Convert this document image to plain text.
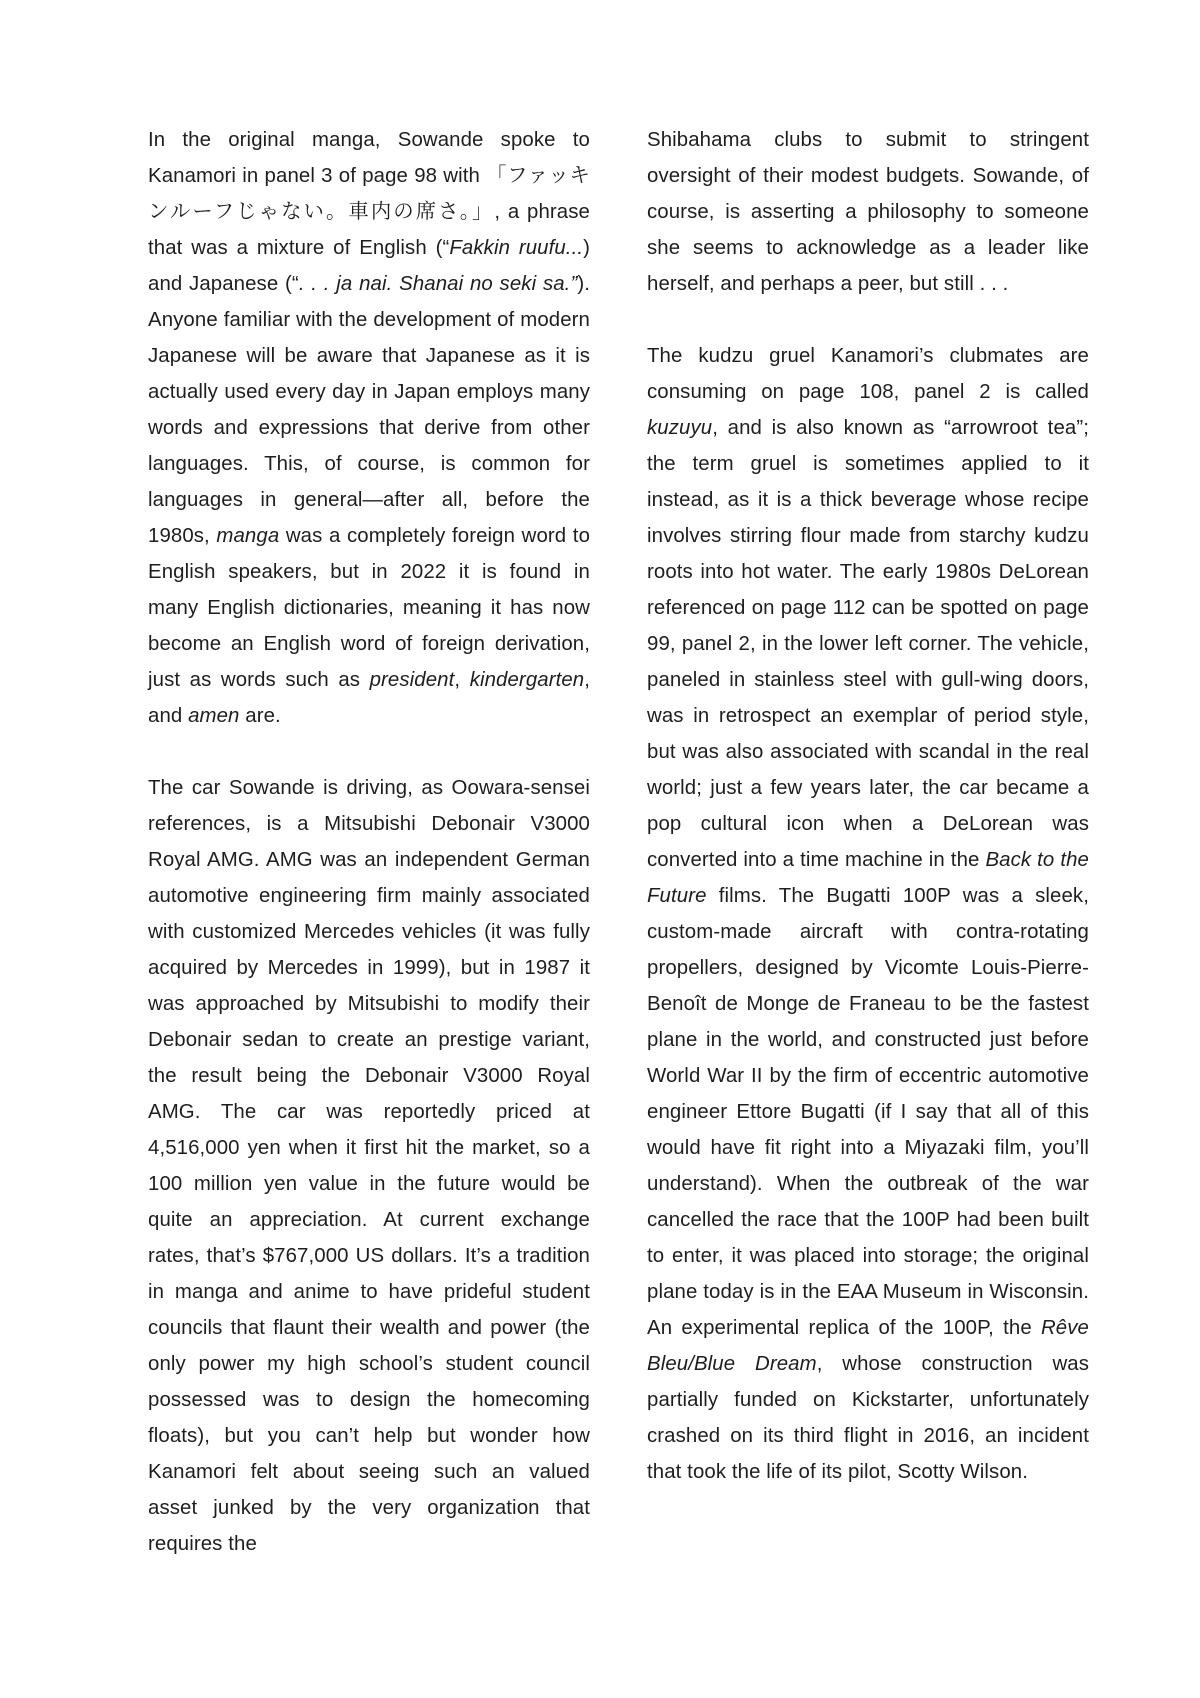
In the original manga, Sowande spoke to Kanamori in panel 3 of page 98 with 「ファッキンルーフじゃない。車内の席さ。」, a phrase that was a mixture of English (“Fakkin ruufu...) and Japanese (“. . . ja nai. Shanai no seki sa.”). Anyone familiar with the development of modern Japanese will be aware that Japanese as it is actually used every day in Japan employs many words and expressions that derive from other languages. This, of course, is common for languages in general—after all, before the 1980s, manga was a completely foreign word to English speakers, but in 2022 it is found in many English dictionaries, meaning it has now become an English word of foreign derivation, just as words such as president, kindergarten, and amen are.

The car Sowande is driving, as Oowara-sensei references, is a Mitsubishi Debonair V3000 Royal AMG. AMG was an independent German automotive engineering firm mainly associated with customized Mercedes vehicles (it was fully acquired by Mercedes in 1999), but in 1987 it was approached by Mitsubishi to modify their Debonair sedan to create an prestige variant, the result being the Debonair V3000 Royal AMG. The car was reportedly priced at 4,516,000 yen when it first hit the market, so a 100 million yen value in the future would be quite an appreciation. At current exchange rates, that’s $767,000 US dollars. It’s a tradition in manga and anime to have prideful student councils that flaunt their wealth and power (the only power my high school’s student council possessed was to design the homecoming floats), but you can’t help but wonder how Kanamori felt about seeing such an valued asset junked by the very organization that requires the

Shibahama clubs to submit to stringent oversight of their modest budgets. Sowande, of course, is asserting a philosophy to someone she seems to acknowledge as a leader like herself, and perhaps a peer, but still . . .

The kudzu gruel Kanamori’s clubmates are consuming on page 108, panel 2 is called kuzuyu, and is also known as “arrowroot tea”; the term gruel is sometimes applied to it instead, as it is a thick beverage whose recipe involves stirring flour made from starchy kudzu roots into hot water. The early 1980s DeLorean referenced on page 112 can be spotted on page 99, panel 2, in the lower left corner. The vehicle, paneled in stainless steel with gull-wing doors, was in retrospect an exemplar of period style, but was also associated with scandal in the real world; just a few years later, the car became a pop cultural icon when a DeLorean was converted into a time machine in the Back to the Future films. The Bugatti 100P was a sleek, custom-made aircraft with contra-rotating propellers, designed by Vicomte Louis-Pierre-Benoît de Monge de Franeau to be the fastest plane in the world, and constructed just before World War II by the firm of eccentric automotive engineer Ettore Bugatti (if I say that all of this would have fit right into a Miyazaki film, you’ll understand). When the outbreak of the war cancelled the race that the 100P had been built to enter, it was placed into storage; the original plane today is in the EAA Museum in Wisconsin. An experimental replica of the 100P, the Rêve Bleu/Blue Dream, whose construction was partially funded on Kickstarter, unfortunately crashed on its third flight in 2016, an incident that took the life of its pilot, Scotty Wilson.
